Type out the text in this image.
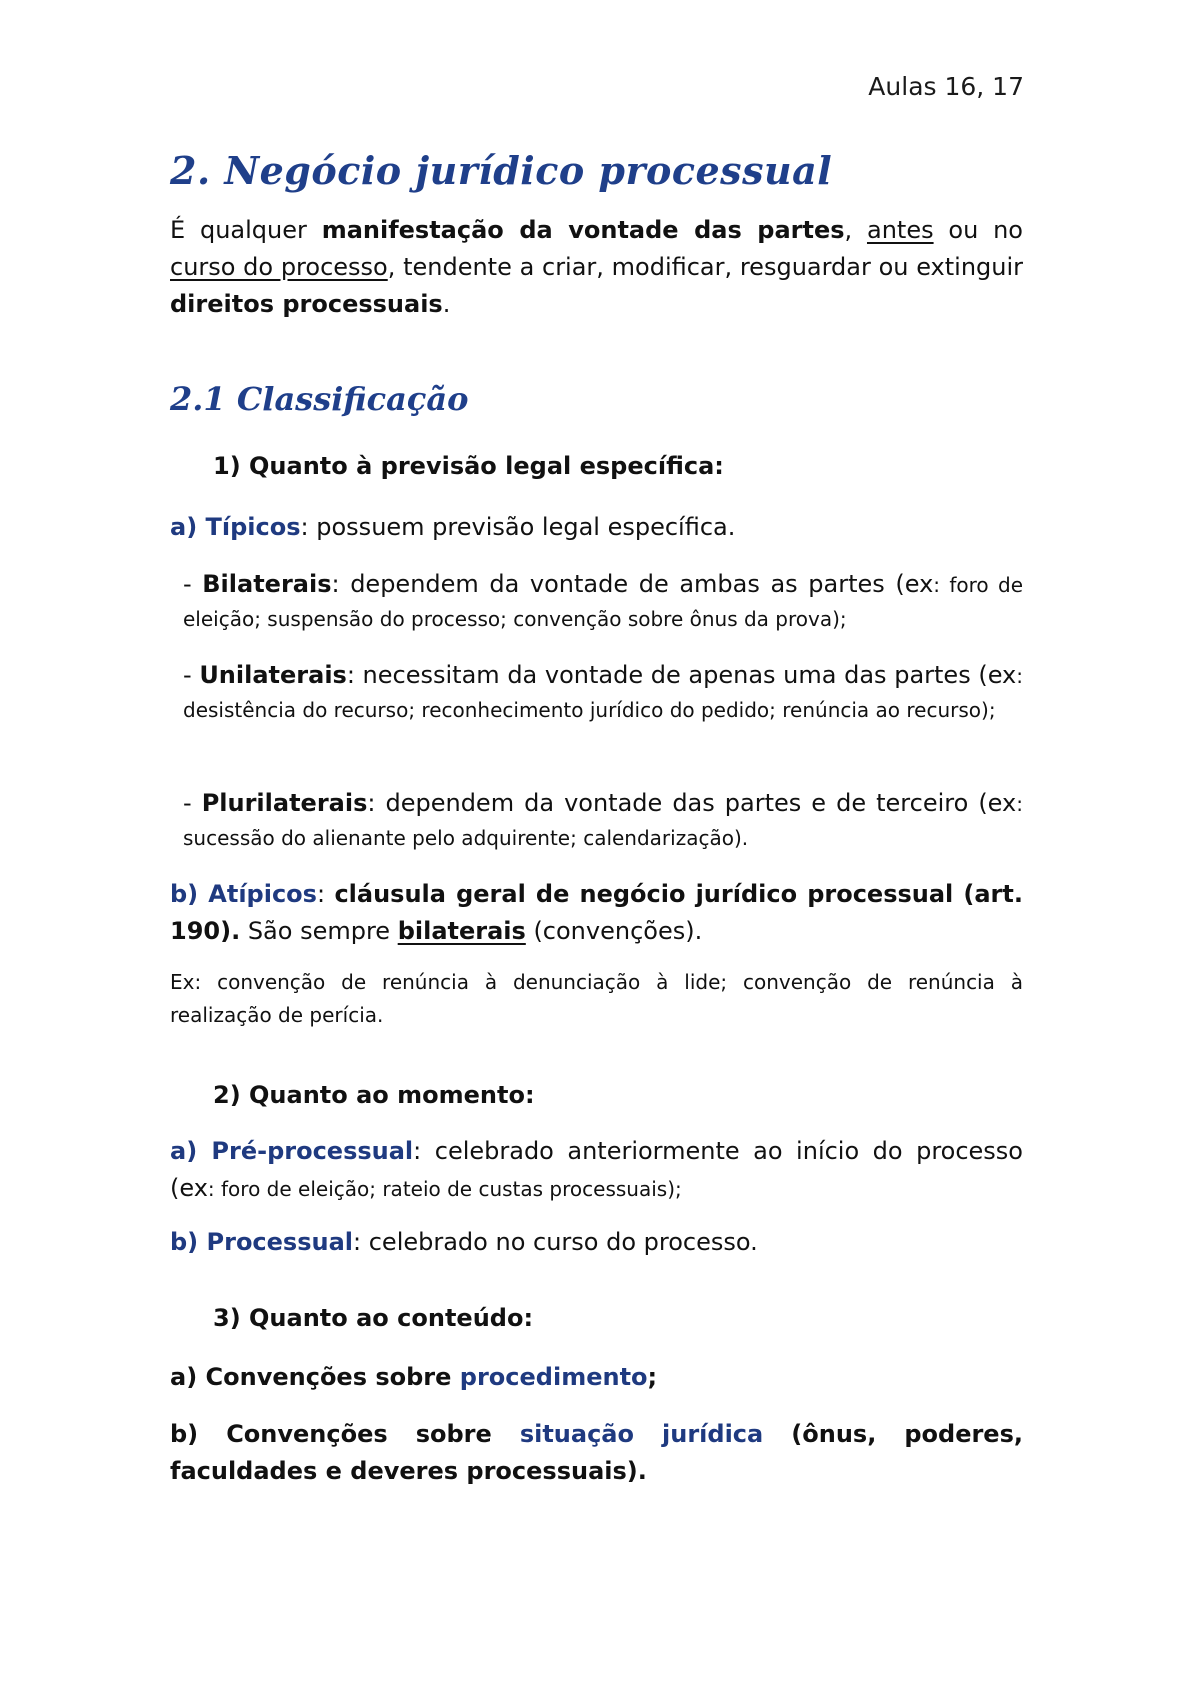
Aulas 16, 17

2. Negócio jurídico processual

É qualquer manifestação da vontade das partes, antes ou no curso do processo, tendente a criar, modificar, resguardar ou extinguir direitos processuais.

2.1 Classificação

1) Quanto à previsão legal específica:

a) Típicos: possuem previsão legal específica.

- Bilaterais: dependem da vontade de ambas as partes (ex: foro de eleição; suspensão do processo; convenção sobre ônus da prova);

- Unilaterais: necessitam da vontade de apenas uma das partes (ex: desistência do recurso; reconhecimento jurídico do pedido; renúncia ao recurso);

- Plurilaterais: dependem da vontade das partes e de terceiro (ex: sucessão do alienante pelo adquirente; calendarização).

b) Atípicos: cláusula geral de negócio jurídico processual (art. 190). São sempre bilaterais (convenções).

Ex: convenção de renúncia à denunciação à lide; convenção de renúncia à realização de perícia.

2) Quanto ao momento:

a) Pré-processual: celebrado anteriormente ao início do processo (ex: foro de eleição; rateio de custas processuais);

b) Processual: celebrado no curso do processo.

3) Quanto ao conteúdo:

a) Convenções sobre procedimento;

b) Convenções sobre situação jurídica (ônus, poderes, faculdades e deveres processuais).
